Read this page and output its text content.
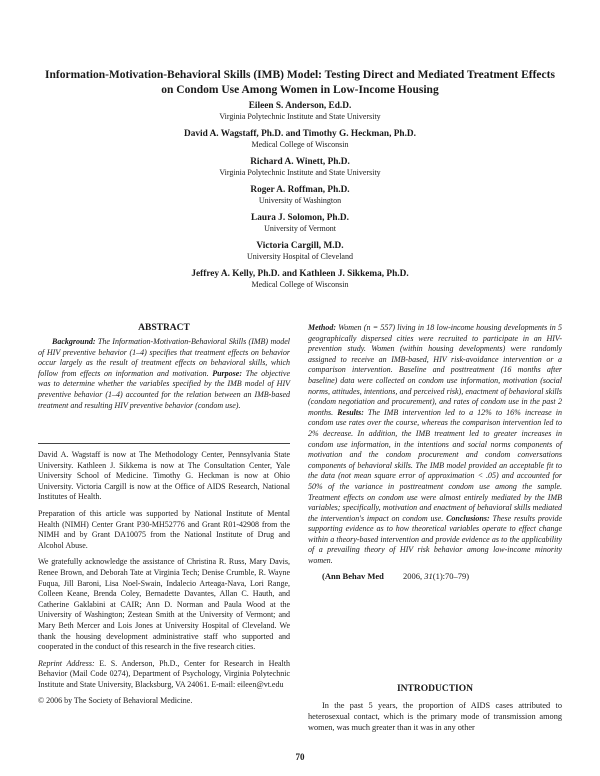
Information-Motivation-Behavioral Skills (IMB) Model: Testing Direct and Mediated Treatment Effects on Condom Use Among Women in Low-Income Housing
Eileen S. Anderson, Ed.D.
Virginia Polytechnic Institute and State University
David A. Wagstaff, Ph.D. and Timothy G. Heckman, Ph.D.
Medical College of Wisconsin
Richard A. Winett, Ph.D.
Virginia Polytechnic Institute and State University
Roger A. Roffman, Ph.D.
University of Washington
Laura J. Solomon, Ph.D.
University of Vermont
Victoria Cargill, M.D.
University Hospital of Cleveland
Jeffrey A. Kelly, Ph.D. and Kathleen J. Sikkema, Ph.D.
Medical College of Wisconsin
ABSTRACT
Background: The Information-Motivation-Behavioral Skills (IMB) model of HIV preventive behavior (1–4) specifies that treatment effects on behavior occur largely as the result of treatment effects on behavioral skills, which follow from effects on information and motivation. Purpose: The objective was to determine whether the variables specified by the IMB model of HIV preventive behavior (1–4) accounted for the relation between an IMB-based treatment and resulting HIV preventive behavior (condom use).
Method: Women (n = 557) living in 18 low-income housing developments in 5 geographically dispersed cities were recruited to participate in an HIV-prevention study. Women (within housing developments) were randomly assigned to receive an IMB-based, HIV risk-avoidance intervention or a comparison intervention. Baseline and posttreatment (16 months after baseline) data were collected on condom use information, motivation (social norms, attitudes, intentions, and perceived risk), enactment of behavioral skills (condom negotiation and procurement), and rates of condom use in the past 2 months. Results: The IMB intervention led to a 12% to 16% increase in condom use rates over the course, whereas the comparison intervention led to 2% decrease. In addition, the IMB treatment led to greater increases in condom use information, in the intentions and social norms components of motivation and the condom procurement and condom conversations components of behavioral skills. The IMB model provided an acceptable fit to the data (not mean square error of approximation < .05) and accounted for 50% of the variance in posttreatment condom use among the sample. Treatment effects on condom use were almost entirely mediated by the IMB variables; specifically, motivation and enactment of behavioral skills mediated the intervention's impact on condom use. Conclusions: These results provide supporting evidence as to how theoretical variables operate to effect change within a theory-based intervention and provide evidence as to the applicability of a prevailing theory of HIV risk behavior among low-income minority women.
(Ann Behav Med 2006, 31(1):70–79)

David A. Wagstaff is now at The Methodology Center, Pennsylvania State University. Kathleen J. Sikkema is now at The Consultation Center, Yale University School of Medicine. Timothy G. Heckman is now at Ohio University. Victoria Cargill is now at the Office of AIDS Research, National Institutes of Health.

Preparation of this article was supported by National Institute of Mental Health (NIMH) Center Grant P30-MH52776 and Grant R01-42908 from the NIMH and by Grant DA10075 from the National Institute of Drug and Alcohol Abuse.

We gratefully acknowledge the assistance of Christina R. Russ, Mary Davis, Renee Brown, and Deborah Tate at Virginia Tech; Denise Crumble, R. Wayne Fuqua, Jill Baroni, Lisa Noel-Swain, Indalecio Arteaga-Nava, Lori Range, Colleen Keane, Brenda Coley, Bernadette Davantes, Allan C. Hauth, and Catherine Gaklabini at CAIR; Ann D. Norman and Paula Wood at the University of Washington; Zestean Smith at the University of Vermont; and Mary Beth Mercer and Lois Jones at University Hospital of Cleveland. We thank the housing development administrative staff who supported and cooperated in the conduct of this research in the five research cities.

Reprint Address: E. S. Anderson, Ph.D., Center for Research in Health Behavior (Mail Code 0274), Department of Psychology, Virginia Polytechnic Institute and State University, Blacksburg, VA 24061. E-mail: eileen@vt.edu

© 2006 by The Society of Behavioral Medicine.

INTRODUCTION
In the past 5 years, the proportion of AIDS cases attributed to heterosexual contact, which is the primary mode of transmission among women, was much greater than it was in any other
70
